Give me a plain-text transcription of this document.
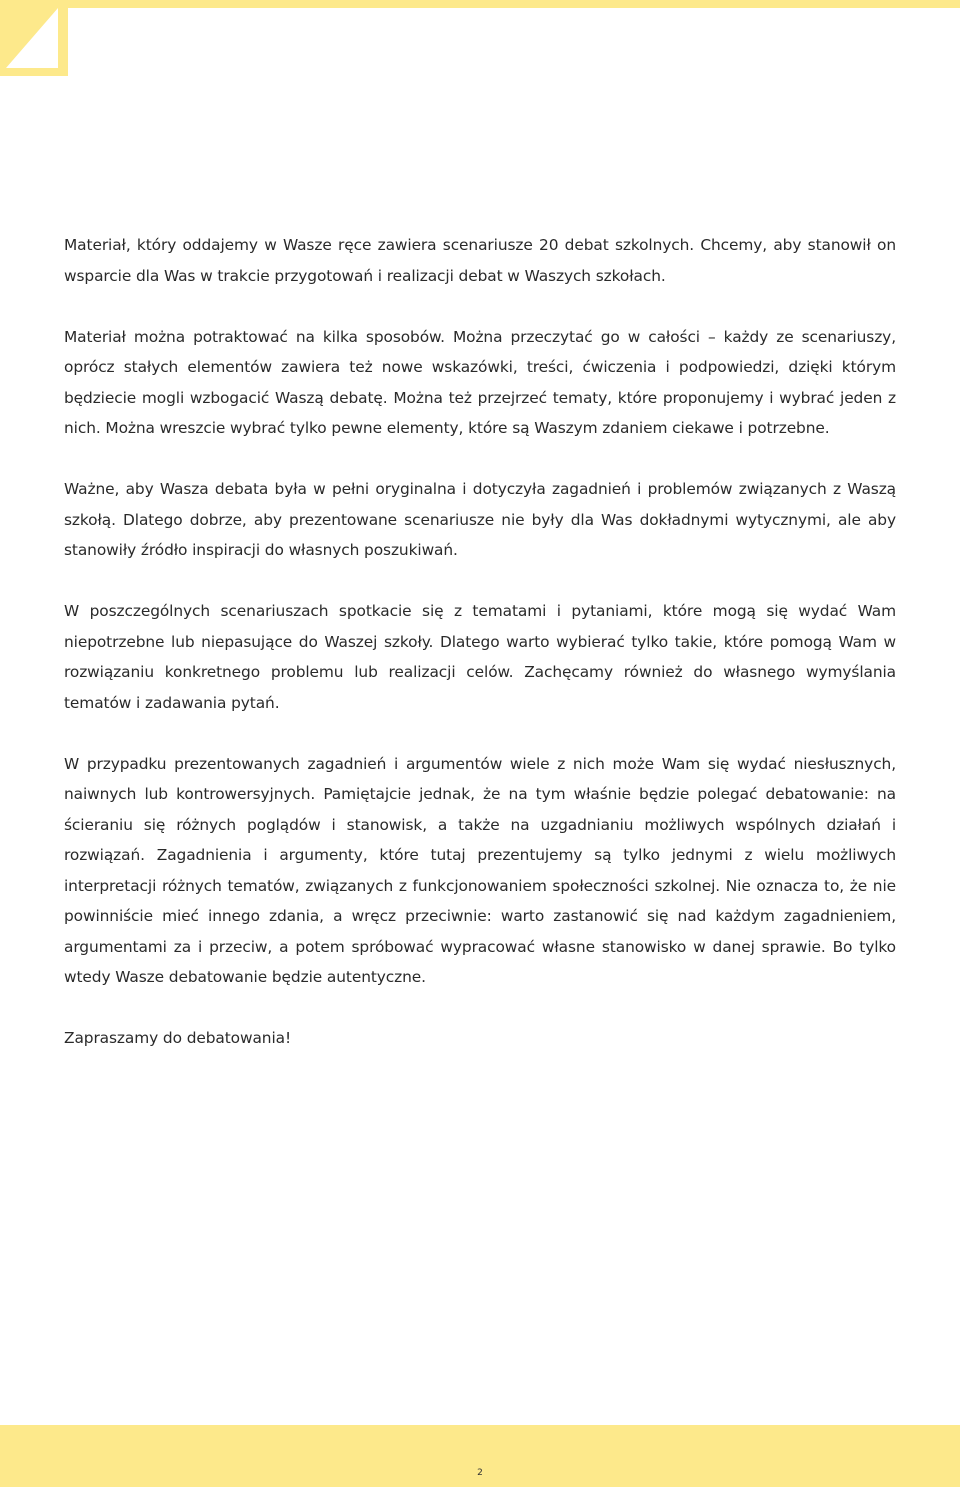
Materiał, który oddajemy w Wasze ręce zawiera scenariusze 20 debat szkolnych. Chcemy, aby stanowił on wsparcie dla Was w trakcie przygotowań i realizacji debat w Waszych szkołach.

Materiał można potraktować na kilka sposobów. Można przeczytać go w całości – każdy ze scenariuszy, oprócz stałych elementów zawiera też nowe wskazówki, treści, ćwiczenia i podpowiedzi, dzięki którym będziecie mogli wzbogacić Waszą debatę. Można też przejrzeć tematy, które proponujemy i wybrać jeden z nich. Można wreszcie wybrać tylko pewne elementy, które są Waszym zdaniem ciekawe i potrzebne.

Ważne, aby Wasza debata była w pełni oryginalna i dotyczyła zagadnień i problemów związanych z Waszą szkołą. Dlatego dobrze, aby prezentowane scenariusze nie były dla Was dokładnymi wytycznymi, ale aby stanowiły źródło inspiracji do własnych poszukiwań.

W poszczególnych scenariuszach spotkacie się z tematami i pytaniami, które mogą się wydać Wam niepotrzebne lub niepasujące do Waszej szkoły. Dlatego warto wybierać tylko takie, które pomogą Wam w rozwiązaniu konkretnego problemu lub realizacji celów. Zachęcamy również do własnego wymyślania tematów i zadawania pytań.

W przypadku prezentowanych zagadnień i argumentów wiele z nich może Wam się wydać niesłusznych, naiwnych lub kontrowersyjnych. Pamiętajcie jednak, że na tym właśnie będzie polegać debatowanie: na ścieraniu się różnych poglądów i stanowisk, a także na uzgadnianiu możliwych wspólnych działań i rozwiązań. Zagadnienia i argumenty, które tutaj prezentujemy są tylko jednymi z wielu możliwych interpretacji różnych tematów, związanych z funkcjonowaniem społeczności szkolnej. Nie oznacza to, że nie powinniście mieć innego zdania, a wręcz przeciwnie: warto zastanowić się nad każdym zagadnieniem, argumentami za i przeciw, a potem spróbować wypracować własne stanowisko w danej sprawie. Bo tylko wtedy Wasze debatowanie będzie autentyczne.

Zapraszamy do debatowania!

2
